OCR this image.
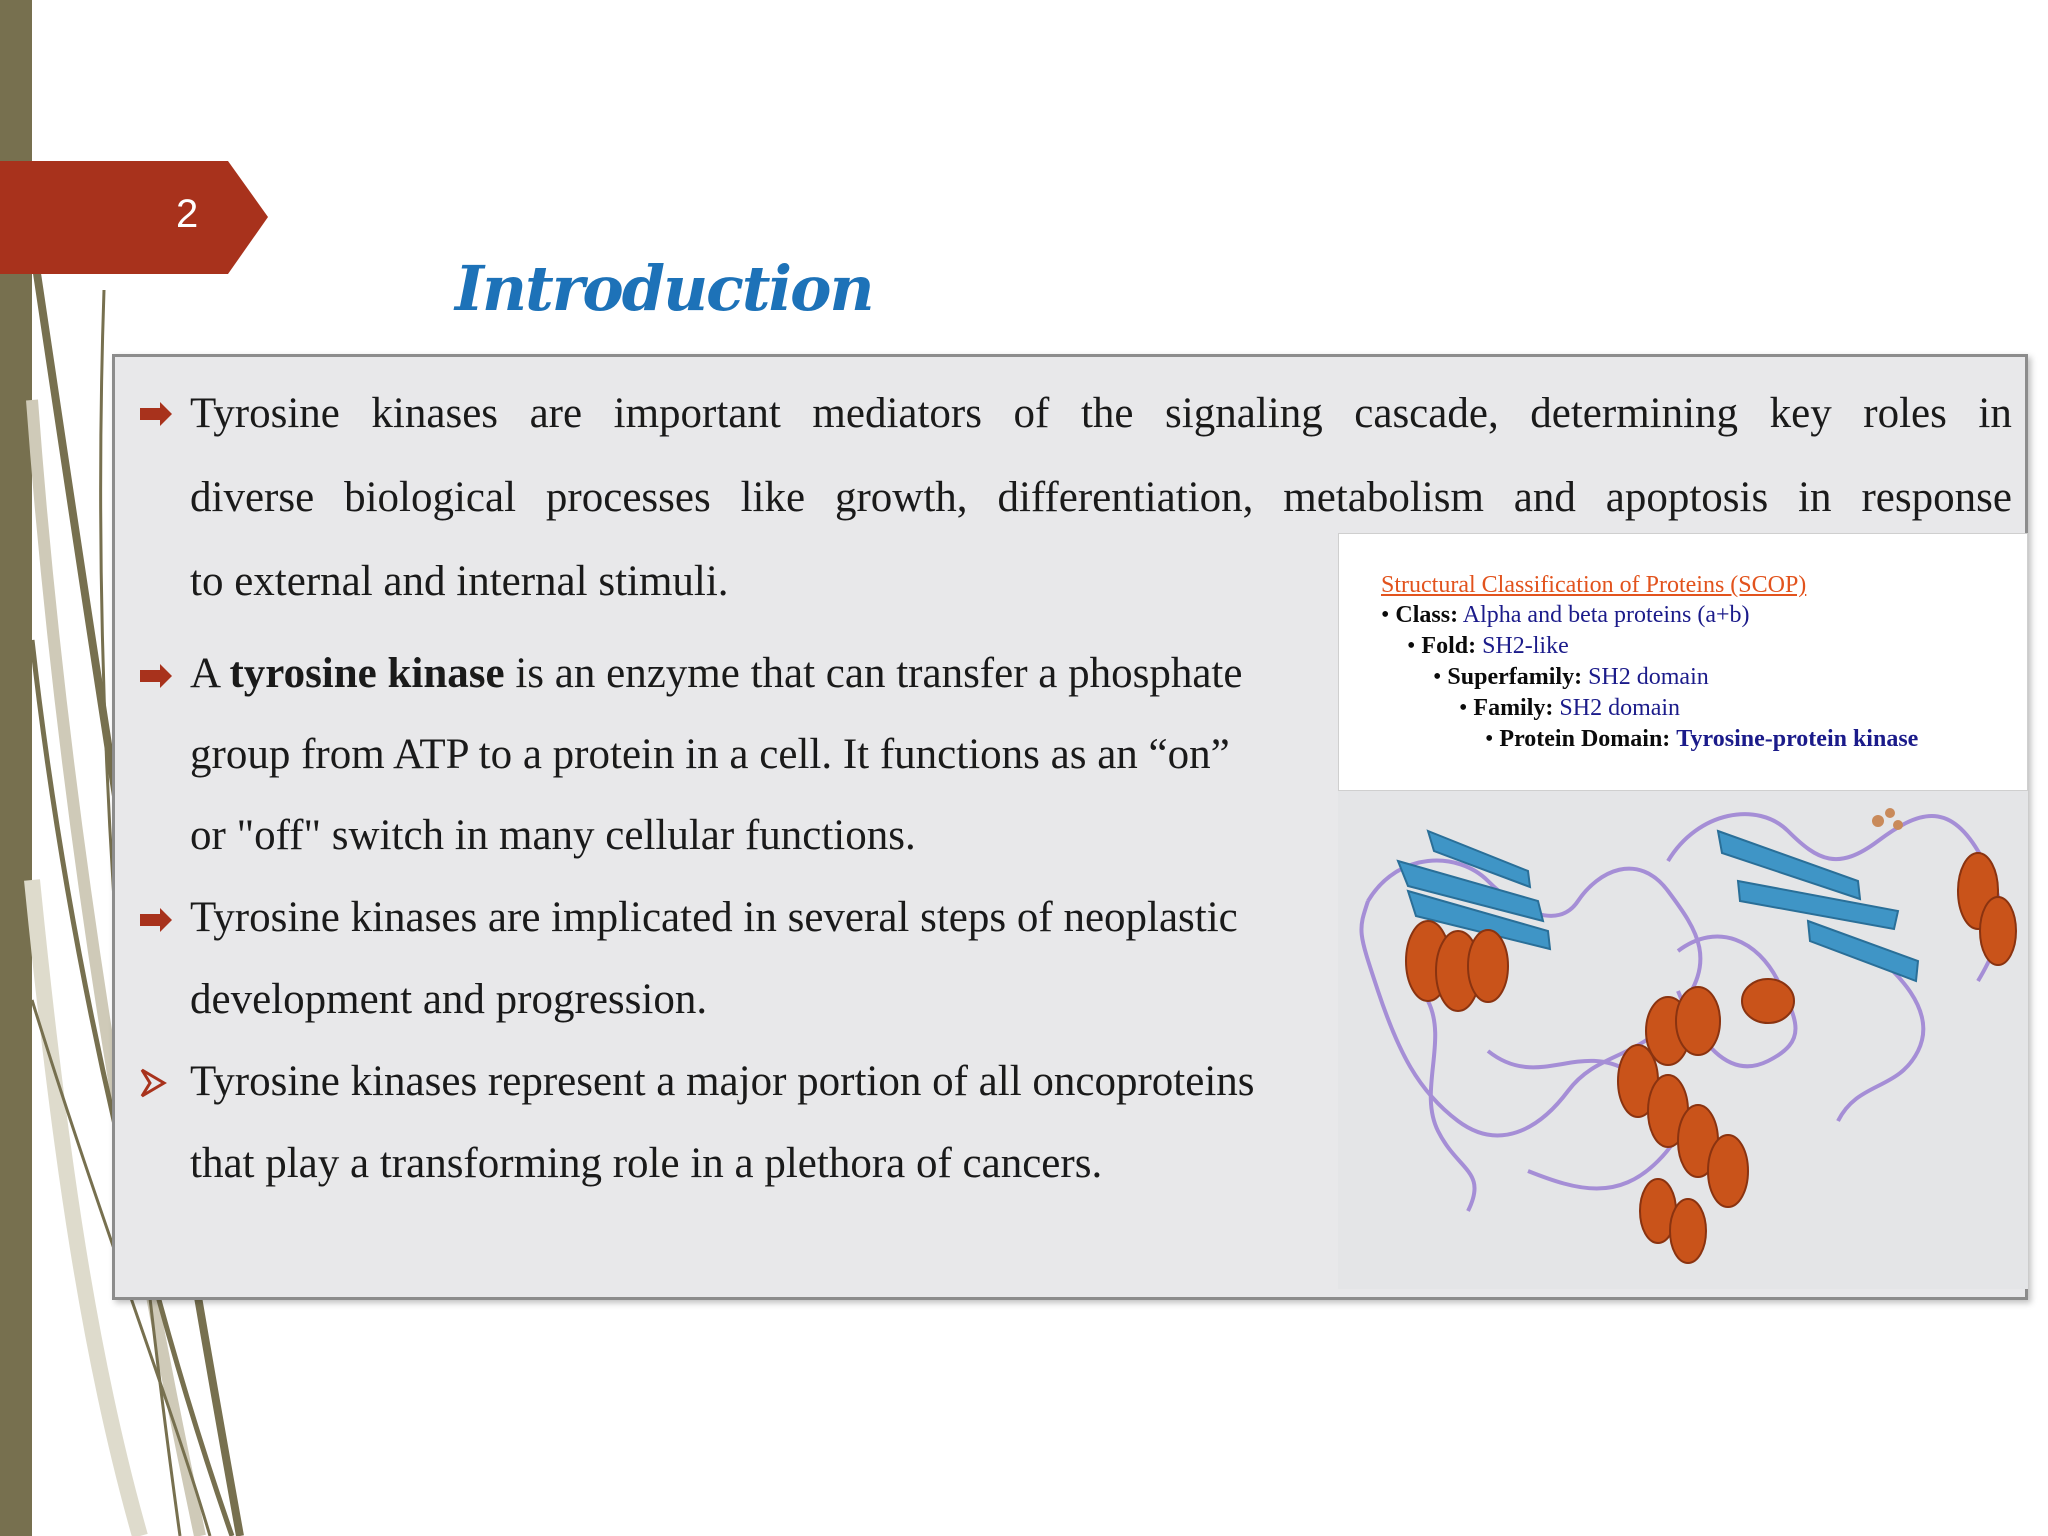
2
Introduction
Tyrosine kinases are important mediators of the signaling cascade, determining key roles in
diverse biological processes like growth, differentiation, metabolism and apoptosis in response
to external and internal stimuli.
A tyrosine kinase is an enzyme that can transfer a phosphate
group from ATP to a protein in a cell. It functions as an “on”
or "off" switch in many cellular functions.
Tyrosine kinases are implicated in several steps of neoplastic
development and progression.
Tyrosine kinases represent a major portion of all oncoproteins
that play a transforming role in a plethora of cancers.
Structural Classification of Proteins (SCOP)
• Class: Alpha and beta proteins (a+b)
• Fold: SH2-like
• Superfamily: SH2 domain
• Family: SH2 domain
• Protein Domain: Tyrosine-protein kinase
